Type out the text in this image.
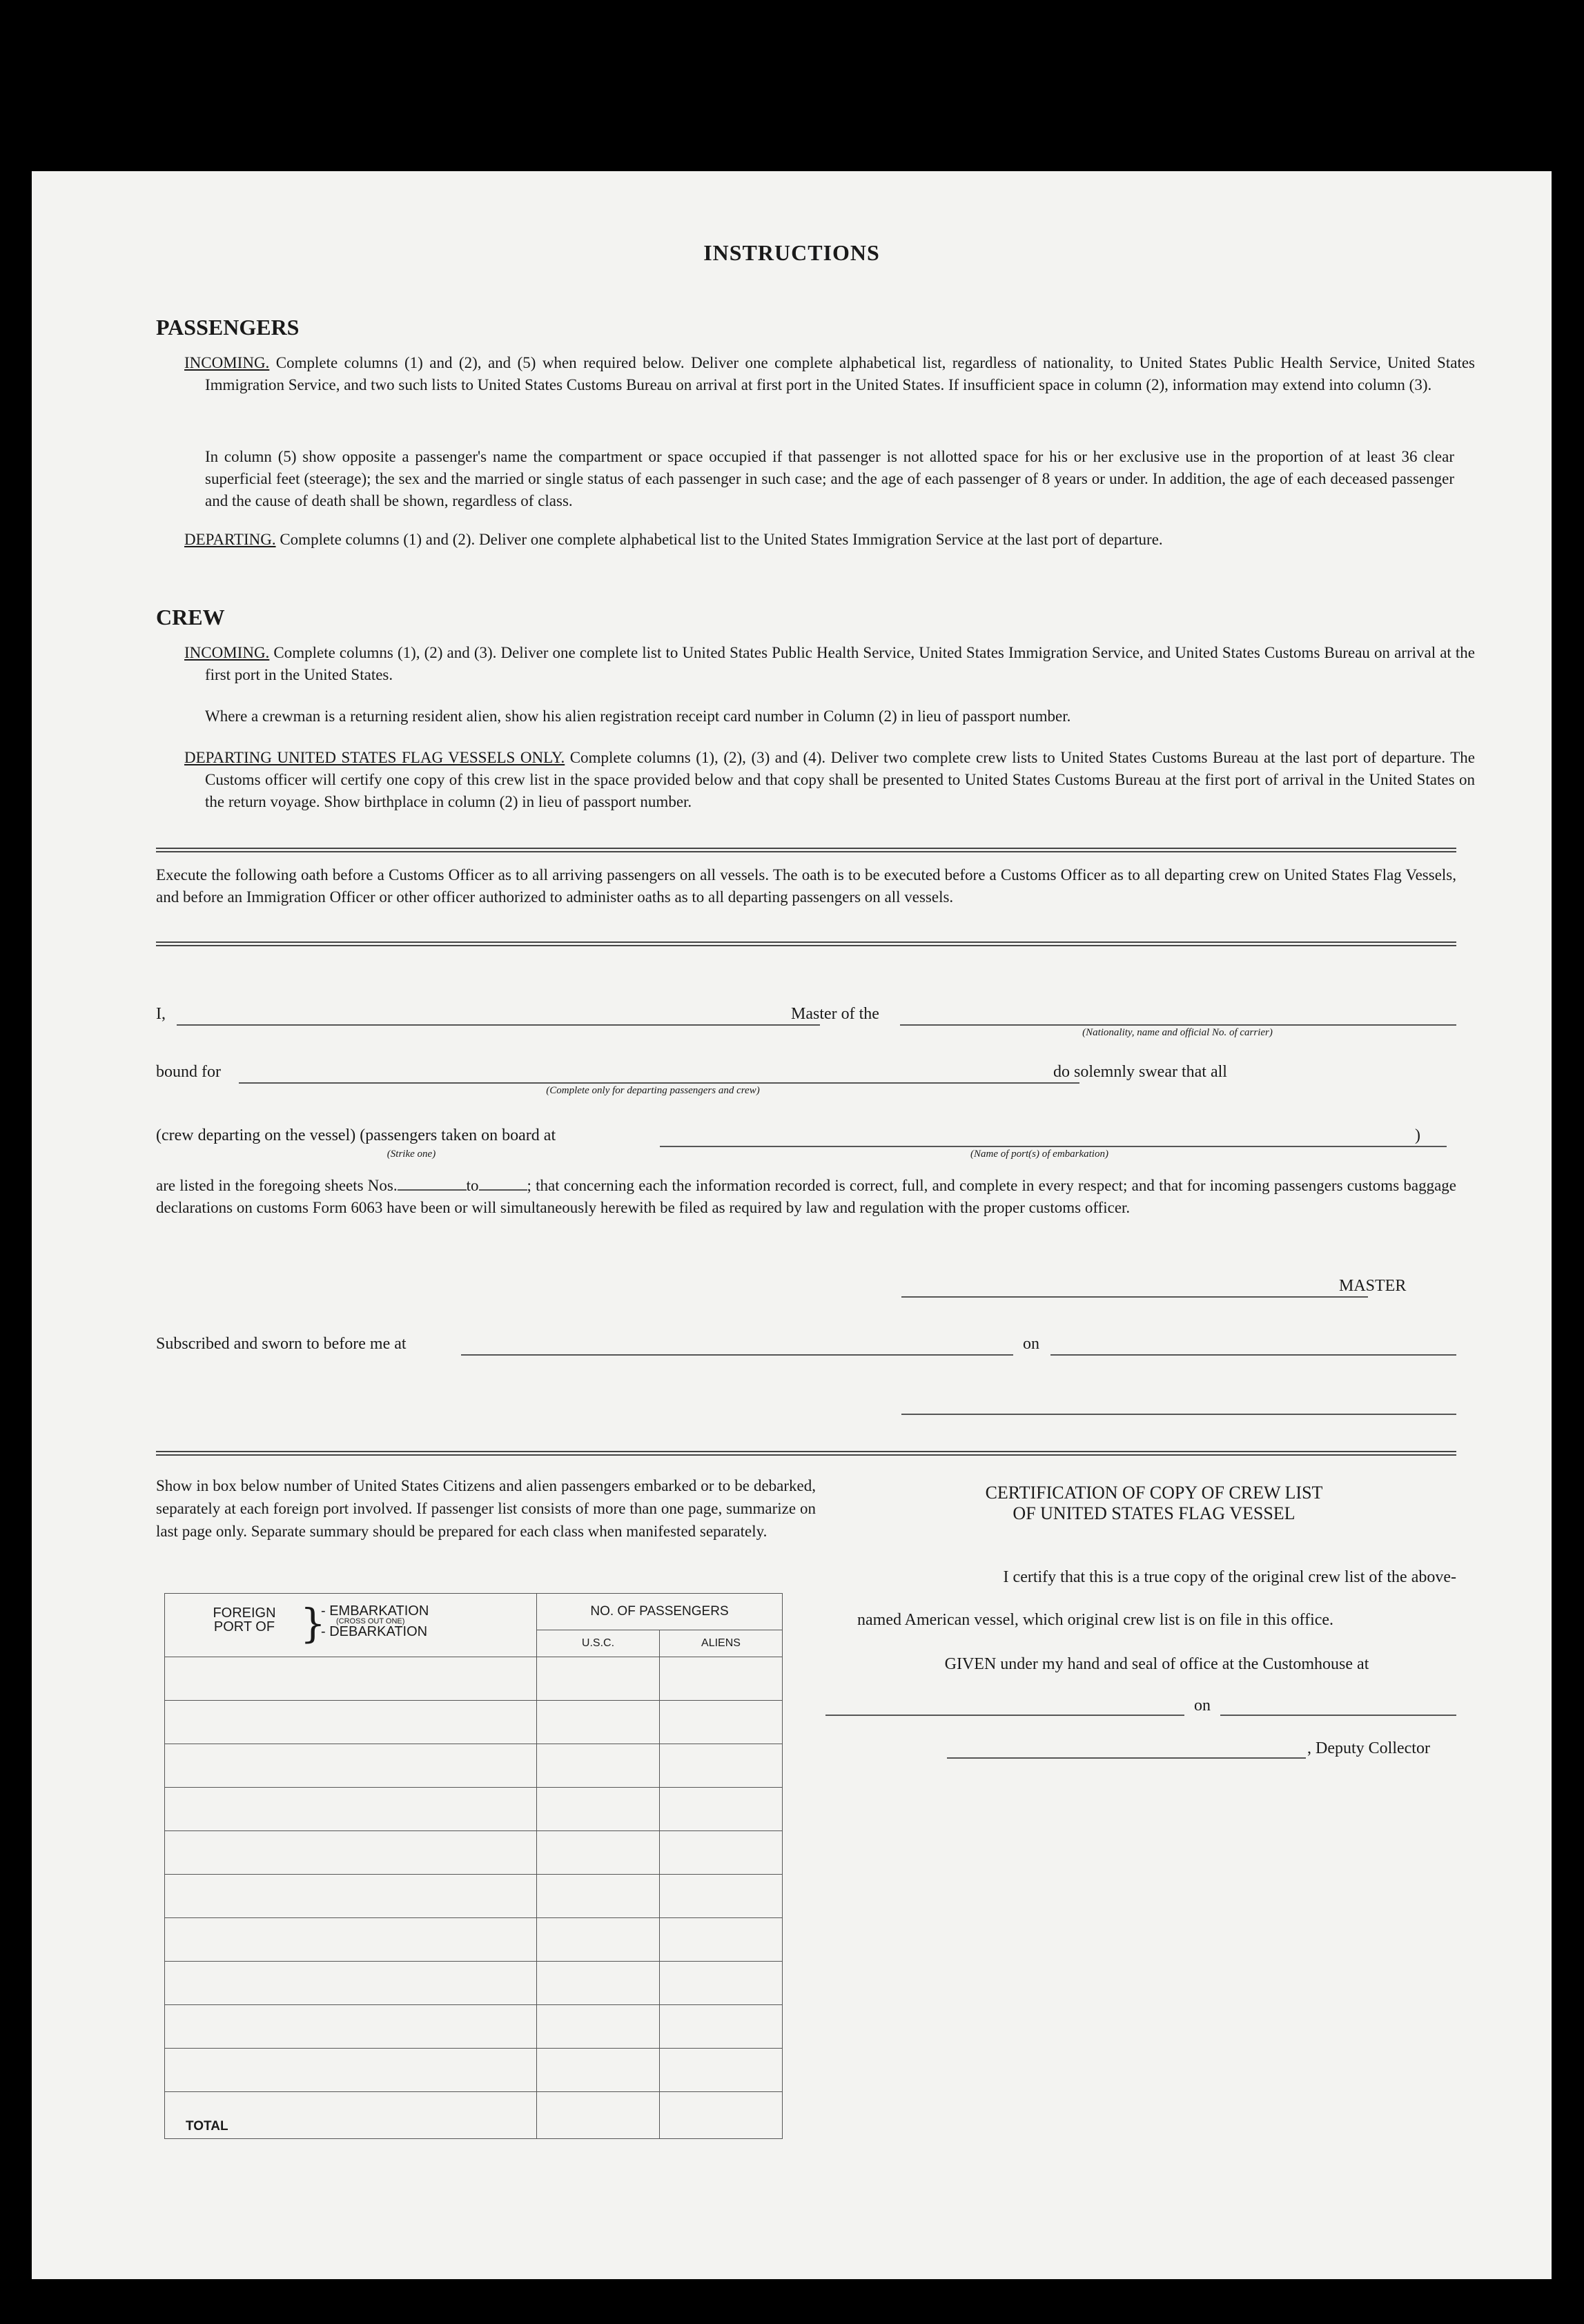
INSTRUCTIONS
PASSENGERS
INCOMING. Complete columns (1) and (2), and (5) when required below. Deliver one complete alphabetical list, regardless of nationality, to United States Public Health Service, United States Immigration Service, and two such lists to United States Customs Bureau on arrival at first port in the United States. If insufficient space in column (2), information may extend into column (3).
In column (5) show opposite a passenger's name the compartment or space occupied if that passenger is not allotted space for his or her exclusive use in the proportion of at least 36 clear superficial feet (steerage); the sex and the married or single status of each passenger in such case; and the age of each passenger of 8 years or under. In addition, the age of each deceased passenger and the cause of death shall be shown, regardless of class.
DEPARTING. Complete columns (1) and (2). Deliver one complete alphabetical list to the United States Immigration Service at the last port of departure.
CREW
INCOMING. Complete columns (1), (2) and (3). Deliver one complete list to United States Public Health Service, United States Immigration Service, and United States Customs Bureau on arrival at the first port in the United States.
Where a crewman is a returning resident alien, show his alien registration receipt card number in Column (2) in lieu of passport number.
DEPARTING UNITED STATES FLAG VESSELS ONLY. Complete columns (1), (2), (3) and (4). Deliver two complete crew lists to United States Customs Bureau at the last port of departure. The Customs officer will certify one copy of this crew list in the space provided below and that copy shall be presented to United States Customs Bureau at the first port of arrival in the United States on the return voyage. Show birthplace in column (2) in lieu of passport number.
Execute the following oath before a Customs Officer as to all arriving passengers on all vessels. The oath is to be executed before a Customs Officer as to all departing crew on United States Flag Vessels, and before an Immigration Officer or other officer authorized to administer oaths as to all departing passengers on all vessels.
I,	Master of the
(Nationality, name and official No. of carrier)
bound for	do solemnly swear that all
(Complete only for departing passengers and crew)
(crew departing on the vessel) (passengers taken on board at	)
(Strike one)	(Name of port(s) of embarkation)
are listed in the foregoing sheets Nos.	to	; that concerning each the information recorded is correct, full, and complete in every respect; and that for incoming passengers customs baggage declarations on customs Form 6063 have been or will simultaneously herewith be filed as required by law and regulation with the proper customs officer.
MASTER
Subscribed and sworn to before me at	on
Show in box below number of United States Citizens and alien passengers embarked or to be debarked, separately at each foreign port involved. If passenger list consists of more than one page, summarize on last page only. Separate summary should be prepared for each class when manifested separately.
FOREIGN PORT OF }
- EMBARKATION
(CROSS OUT ONE)
- DEBARKATION	NO. OF PASSENGERS	
	U.S.C.	ALIENS

TOTAL		
CERTIFICATION OF COPY OF CREW LIST
OF UNITED STATES FLAG VESSEL
I certify that this is a true copy of the original crew list of the above-
named American vessel, which original crew list is on file in this office.
GIVEN under my hand and seal of office at the Customhouse at
on
, Deputy Collector
